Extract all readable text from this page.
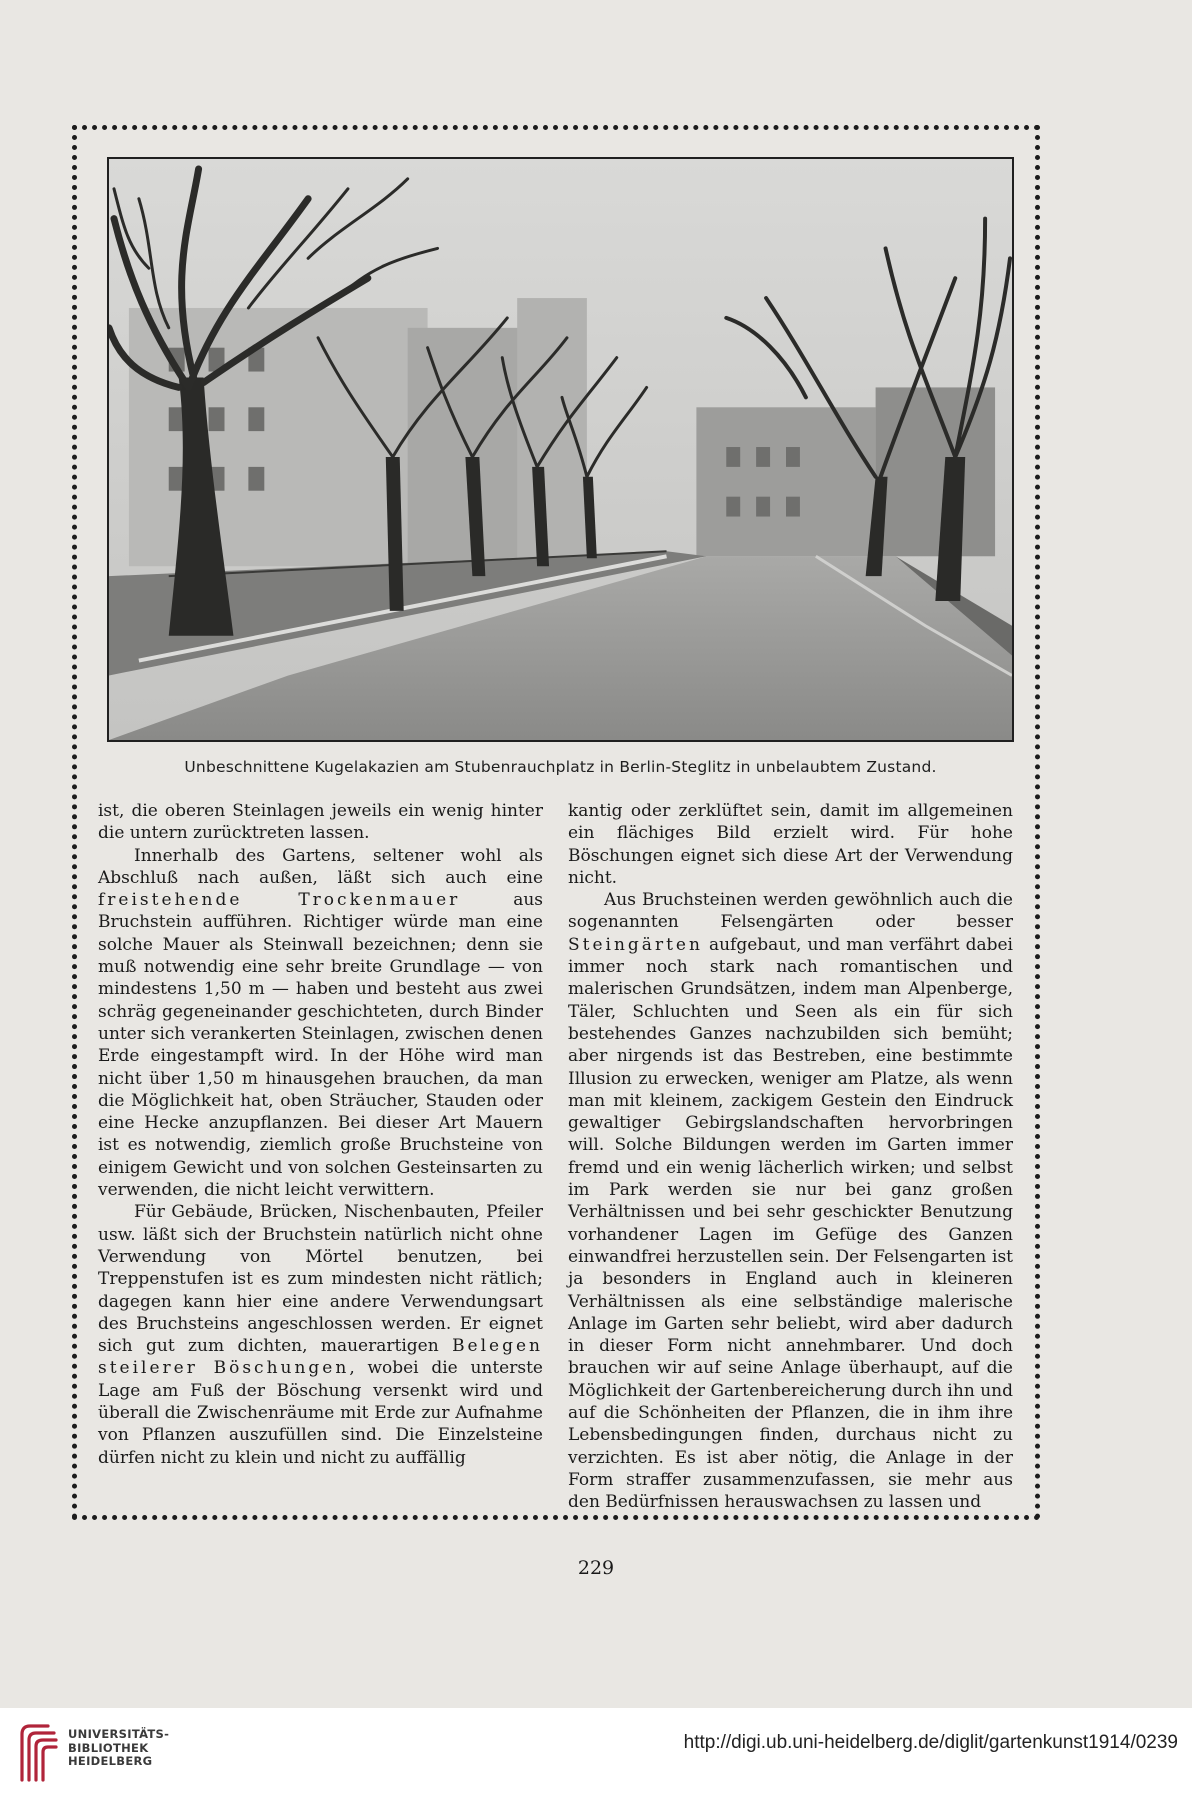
Unbeschnittene Kugelakazien am Stubenrauchplatz in Berlin-Steglitz in unbelaubtem Zustand.

ist, die oberen Steinlagen jeweils ein wenig hinter die untern zurücktreten lassen.

Innerhalb des Gartens, seltener wohl als Abschluß nach außen, läßt sich auch eine freistehende Trockenmauer	aus Bruchstein aufführen. Richtiger würde man eine solche Mauer als Steinwall bezeichnen; denn sie muß notwendig eine sehr breite Grundlage — von mindestens 1,50 m — haben und besteht aus zwei schräg gegeneinander geschichteten, durch Binder unter sich verankerten Steinlagen, zwischen denen Erde eingestampft wird. In der Höhe wird man nicht über 1,50 m hinausgehen brauchen, da man die Möglichkeit hat, oben Sträucher, Stauden oder eine Hecke anzupflanzen. Bei dieser Art Mauern ist es notwendig, ziemlich große Bruchsteine von einigem Gewicht und von solchen Gesteinsarten zu verwenden, die nicht leicht verwittern.

Für Gebäude, Brücken, Nischenbauten, Pfeiler usw. läßt sich der Bruchstein natürlich nicht ohne Verwendung von Mörtel benutzen, bei Treppenstufen ist es zum mindesten nicht rätlich; dagegen kann hier eine andere Verwendungsart des Bruchsteins angeschlossen werden. Er eignet sich gut zum dichten, mauerartigen Belegen steilerer Böschungen, wobei die unterste Lage am Fuß der Böschung versenkt wird und überall die Zwischenräume mit Erde zur Aufnahme von Pflanzen auszufüllen sind. Die Einzelsteine dürfen nicht zu klein und nicht zu auffällig

kantig oder zerklüftet sein, damit im allgemeinen ein flächiges Bild erzielt wird. Für hohe Böschungen eignet sich diese Art der Verwendung nicht.

Aus Bruchsteinen werden gewöhnlich auch die sogenannten Felsengärten oder besser Steingärten aufgebaut, und man verfährt dabei immer noch stark nach romantischen und malerischen Grundsätzen, indem man Alpenberge, Täler, Schluchten und Seen als ein für sich bestehendes Ganzes nachzubilden sich bemüht; aber nirgends ist das Bestreben, eine bestimmte Illusion zu erwecken, weniger am Platze, als wenn man mit kleinem, zackigem Gestein den Eindruck gewaltiger Gebirgslandschaften hervorbringen will. Solche Bildungen werden im Garten immer fremd und ein wenig lächerlich wirken; und selbst im Park werden sie nur bei ganz großen Verhältnissen und bei sehr geschickter Benutzung vorhandener Lagen im Gefüge des Ganzen einwandfrei herzustellen sein. Der Felsengarten ist ja besonders in England auch in kleineren Verhältnissen als eine selbständige malerische Anlage im Garten sehr beliebt, wird aber dadurch in dieser Form nicht annehmbarer. Und doch brauchen wir auf seine Anlage überhaupt, auf die Möglichkeit der Gartenbereicherung durch ihn und auf die Schönheiten der Pflanzen, die in ihm ihre Lebensbedingungen finden, durchaus nicht zu verzichten. Es ist aber nötig, die Anlage in der Form straffer zusammenzufassen, sie mehr aus den Bedürfnissen herauswachsen zu lassen und

229
UNIVERSITÄTS-
BIBLIOTHEK
HEIDELBERG
http://digi.ub.uni-heidelberg.de/diglit/gartenkunst1914/0239
